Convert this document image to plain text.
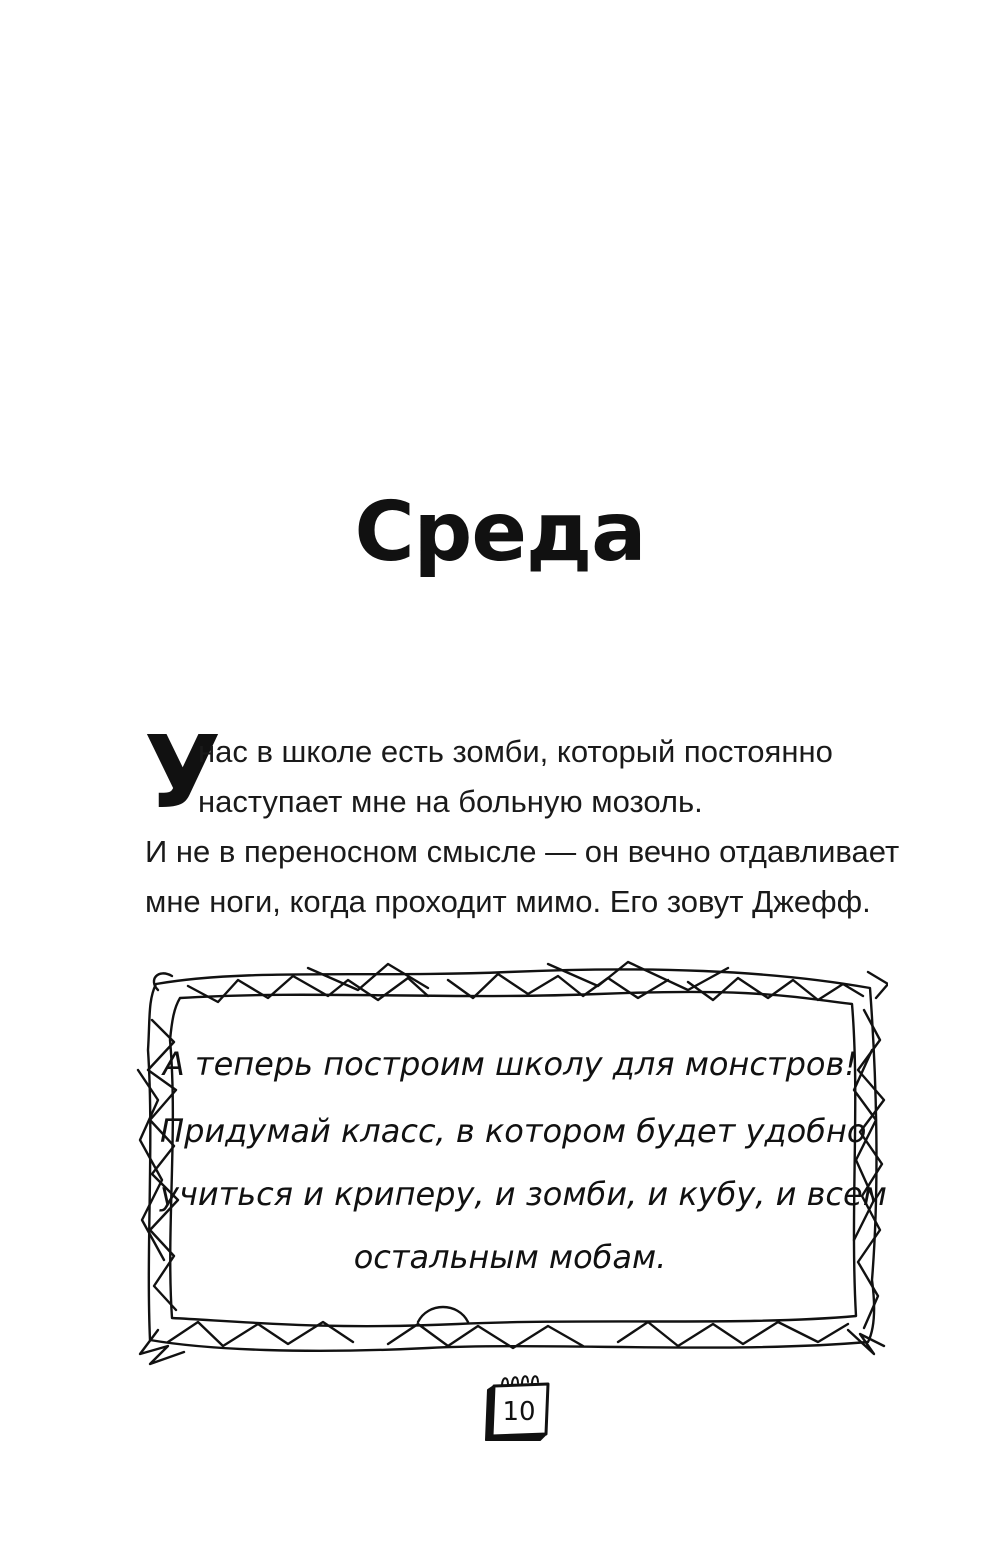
Среда
У
нас в школе есть зомби, который постоянно
наступает мне на больную мозоль.
И не в переносном смысле — он вечно отдавливает
мне ноги, когда проходит мимо. Его зовут Джефф.
А теперь построим школу для монстров!
Придумай класс, в котором будет удобно
учиться и криперу, и зомби, и кубу, и всем
остальным мобам.
10
